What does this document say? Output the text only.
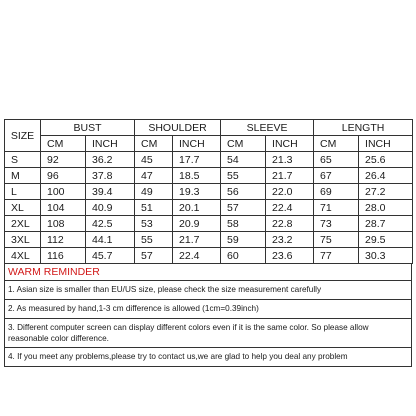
SIZE	BUST		SHOULDER		SLEEVE		LENGTH	
	CM	INCH	CM	INCH	CM	INCH	CM	INCH
S	92	36.2	45	17.7	54	21.3	65	25.6
M	96	37.8	47	18.5	55	21.7	67	26.4
L	100	39.4	49	19.3	56	22.0	69	27.2
XL	104	40.9	51	20.1	57	22.4	71	28.0
2XL	108	42.5	53	20.9	58	22.8	73	28.7
3XL	112	44.1	55	21.7	59	23.2	75	29.5
4XL	116	45.7	57	22.4	60	23.6	77	30.3
WARM REMINDER
1. Asian size is smaller than EU/US size, please check the size measurement carefully
2. As measured by hand,1-3 cm difference is allowed (1cm=0.39inch)
3. Different computer screen can display different colors even if it is the same color. So please allow reasonable color difference.
4. If you meet any problems,please try to contact us,we are glad to help you deal any problem
